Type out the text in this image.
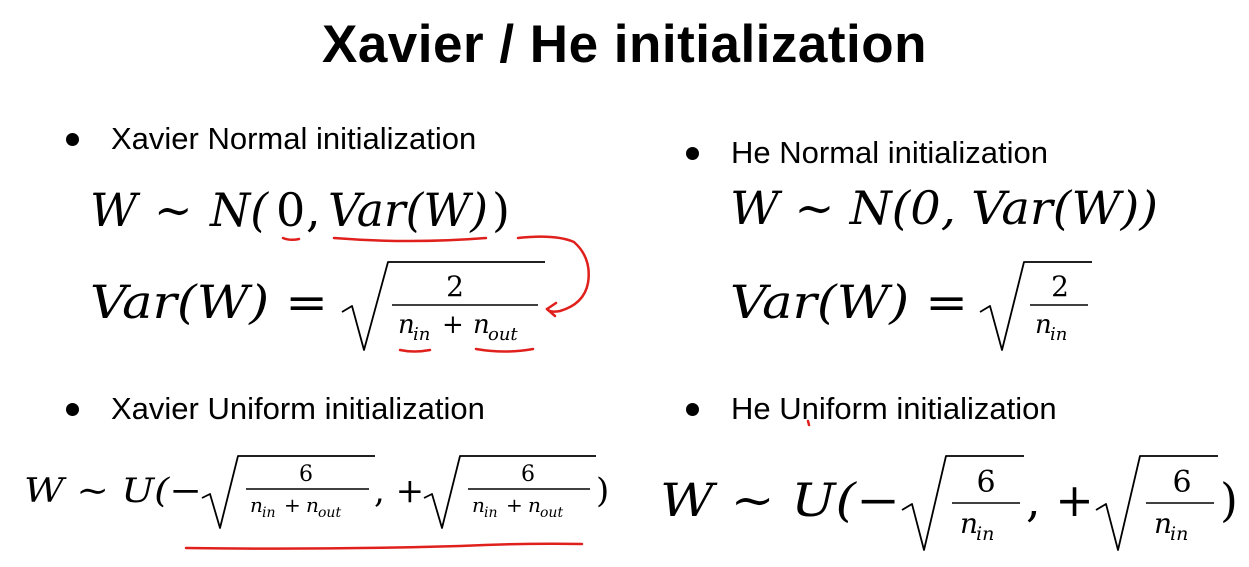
Xavier / He initialization
Xavier Normal initialization	He Normal initialization
Xavier Uniform initialization	He Uniform initialization
W ∼ N( 0 , Var(W) )
Var(W) =	2
n
in + n
out
W ∼ U(−	6
n in + n out
, +	6
n in + n out
)
W ∼ N(0, Var(W))
Var(W) =	2
n
in
W ∼ U(−	6
n
in
, +	6
n
in
)
